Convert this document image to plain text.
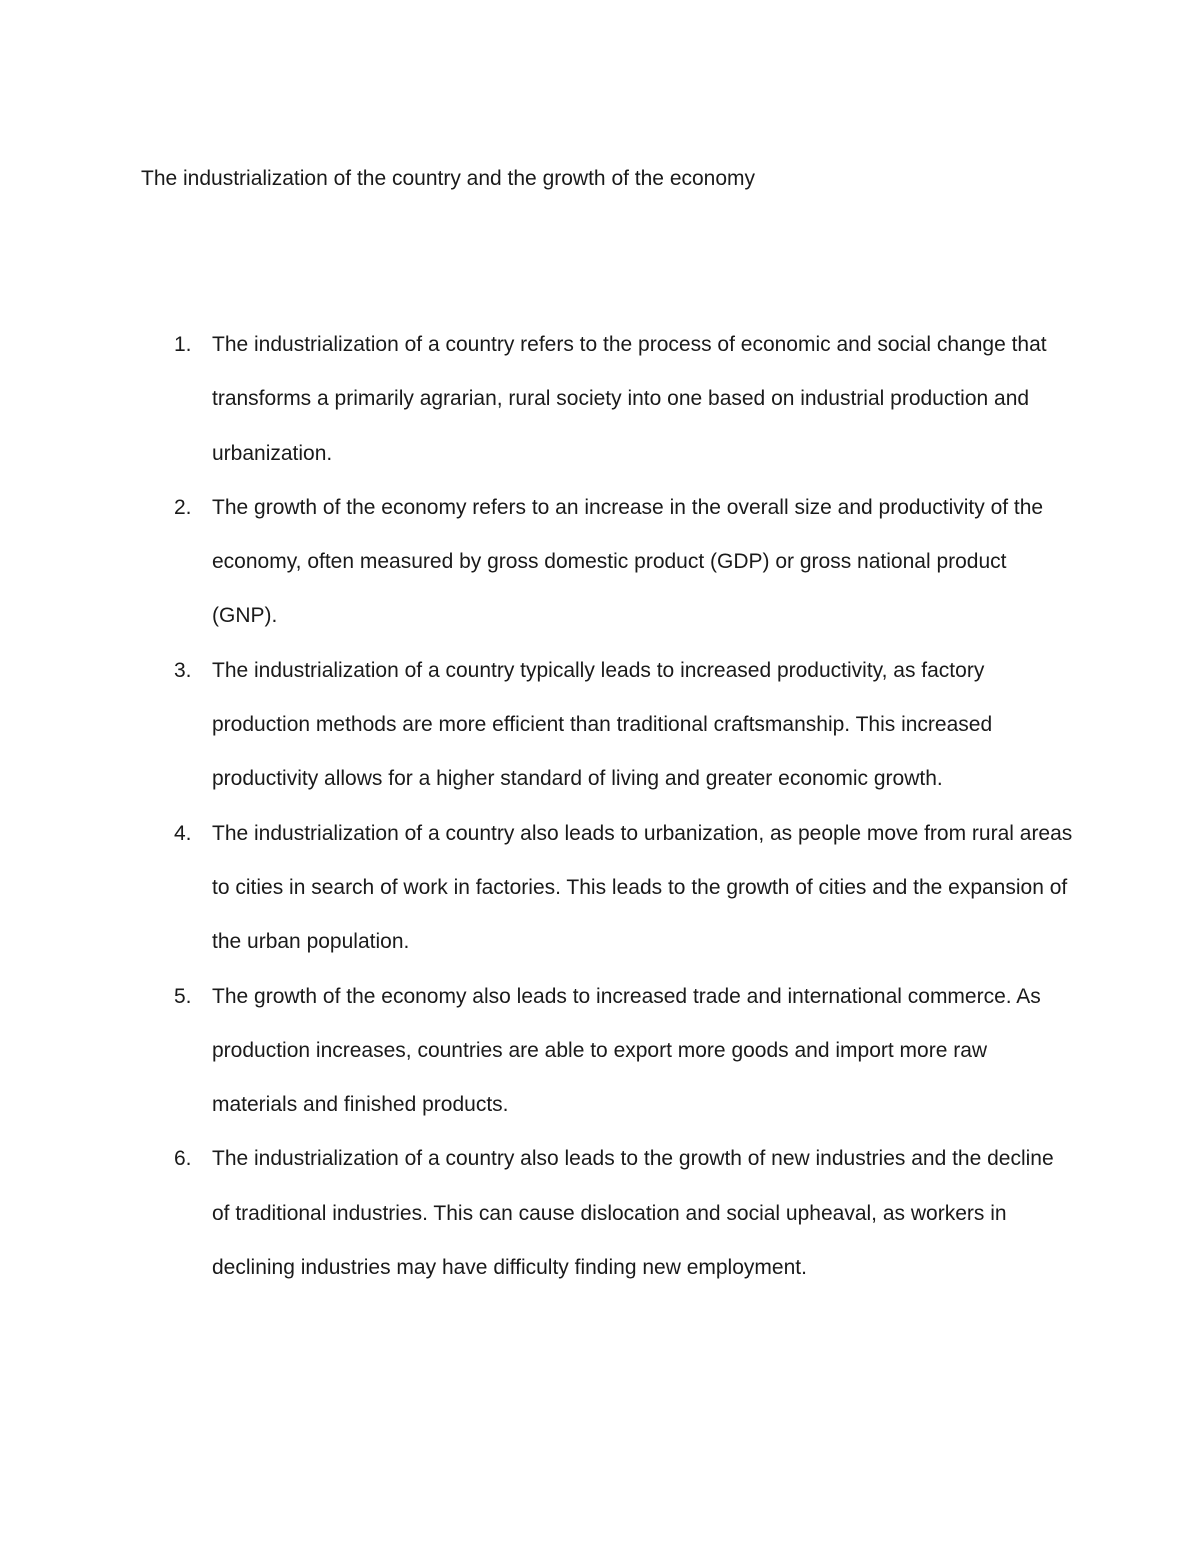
The industrialization of the country and the growth of the economy
1. The industrialization of a country refers to the process of economic and social change that transforms a primarily agrarian, rural society into one based on industrial production and urbanization.
2. The growth of the economy refers to an increase in the overall size and productivity of the economy, often measured by gross domestic product (GDP) or gross national product (GNP).
3. The industrialization of a country typically leads to increased productivity, as factory production methods are more efficient than traditional craftsmanship. This increased productivity allows for a higher standard of living and greater economic growth.
4. The industrialization of a country also leads to urbanization, as people move from rural areas to cities in search of work in factories. This leads to the growth of cities and the expansion of the urban population.
5. The growth of the economy also leads to increased trade and international commerce. As production increases, countries are able to export more goods and import more raw materials and finished products.
6. The industrialization of a country also leads to the growth of new industries and the decline of traditional industries. This can cause dislocation and social upheaval, as workers in declining industries may have difficulty finding new employment.
